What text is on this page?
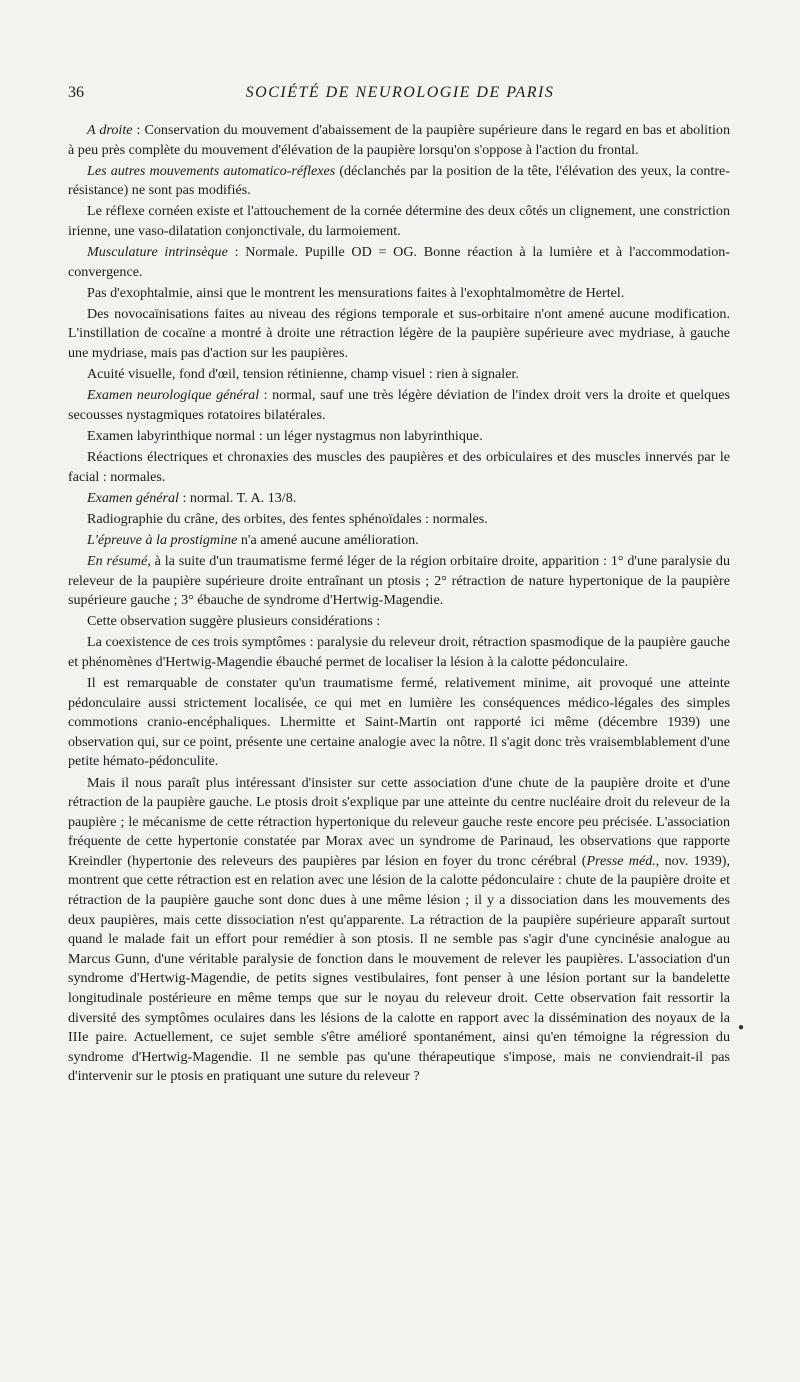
36	SOCIÉTÉ DE NEUROLOGIE DE PARIS

A droite : Conservation du mouvement d'abaissement de la paupière supérieure dans le regard en bas et abolition à peu près complète du mouvement d'élévation de la paupière lorsqu'on s'oppose à l'action du frontal.

Les autres mouvements automatico-réflexes (déclanchés par la position de la tête, l'élévation des yeux, la contre-résistance) ne sont pas modifiés.

Le réflexe cornéen existe et l'attouchement de la cornée détermine des deux côtés un clignement, une constriction irienne, une vaso-dilatation conjonctivale, du larmoiement.

Musculature intrinsèque : Normale. Pupille OD = OG. Bonne réaction à la lumière et à l'accommodation-convergence.

Pas d'exophtalmie, ainsi que le montrent les mensurations faites à l'exophtalmomètre de Hertel.

Des novocaïnisations faites au niveau des régions temporale et sus-orbitaire n'ont amené aucune modification. L'instillation de cocaïne a montré à droite une rétraction légère de la paupière supérieure avec mydriase, à gauche une mydriase, mais pas d'action sur les paupières.

Acuité visuelle, fond d'œil, tension rétinienne, champ visuel : rien à signaler.

Examen neurologique général : normal, sauf une très légère déviation de l'index droit vers la droite et quelques secousses nystagmiques rotatoires bilatérales.

Examen labyrinthique normal : un léger nystagmus non labyrinthique.

Réactions électriques et chronaxies des muscles des paupières et des orbiculaires et des muscles innervés par le facial : normales.

Examen général : normal. T. A. 13/8.

Radiographie du crâne, des orbites, des fentes sphénoïdales : normales.

L'épreuve à la prostigmine n'a amené aucune amélioration.

En résumé, à la suite d'un traumatisme fermé léger de la région orbitaire droite, apparition : 1° d'une paralysie du releveur de la paupière supérieure droite entraînant un ptosis ; 2° rétraction de nature hypertonique de la paupière supérieure gauche ; 3° ébauche de syndrome d'Hertwig-Magendie.

Cette observation suggère plusieurs considérations :

La coexistence de ces trois symptômes : paralysie du releveur droit, rétraction spasmodique de la paupière gauche et phénomènes d'Hertwig-Magendie ébauché permet de localiser la lésion à la calotte pédonculaire.

Il est remarquable de constater qu'un traumatisme fermé, relativement minime, ait provoqué une atteinte pédonculaire aussi strictement localisée, ce qui met en lumière les conséquences médico-légales des simples commotions cranio-encéphaliques. Lhermitte et Saint-Martin ont rapporté ici même (décembre 1939) une observation qui, sur ce point, présente une certaine analogie avec la nôtre. Il s'agit donc très vraisemblablement d'une petite hémato-pédonculite.

Mais il nous paraît plus intéressant d'insister sur cette association d'une chute de la paupière droite et d'une rétraction de la paupière gauche. Le ptosis droit s'explique par une atteinte du centre nucléaire droit du releveur de la paupière ; le mécanisme de cette rétraction hypertonique du releveur gauche reste encore peu précisée. L'association fréquente de cette hypertonie constatée par Morax avec un syndrome de Parinaud, les observations que rapporte Kreindler (hypertonie des releveurs des paupières par lésion en foyer du tronc cérébral (Presse méd., nov. 1939), montrent que cette rétraction est en relation avec une lésion de la calotte pédonculaire : chute de la paupière droite et rétraction de la paupière gauche sont donc dues à une même lésion ; il y a dissociation dans les mouvements des deux paupières, mais cette dissociation n'est qu'apparente. La rétraction de la paupière supérieure apparaît surtout quand le malade fait un effort pour remédier à son ptosis. Il ne semble pas s'agir d'une cyncinésie analogue au Marcus Gunn, d'une véritable paralysie de fonction dans le mouvement de relever les paupières. L'association d'un syndrome d'Hertwig-Magendie, de petits signes vestibulaires, font penser à une lésion portant sur la bandelette longitudinale postérieure en même temps que sur le noyau du releveur droit. Cette observation fait ressortir la diversité des symptômes oculaires dans les lésions de la calotte en rapport avec la dissémination des noyaux de la IIIe paire. Actuellement, ce sujet semble s'être amélioré spontanément, ainsi qu'en témoigne la régression du syndrome d'Hertwig-Magendie. Il ne semble pas qu'une thérapeutique s'impose, mais ne conviendrait-il pas d'intervenir sur le ptosis en pratiquant une suture du releveur ?

●
